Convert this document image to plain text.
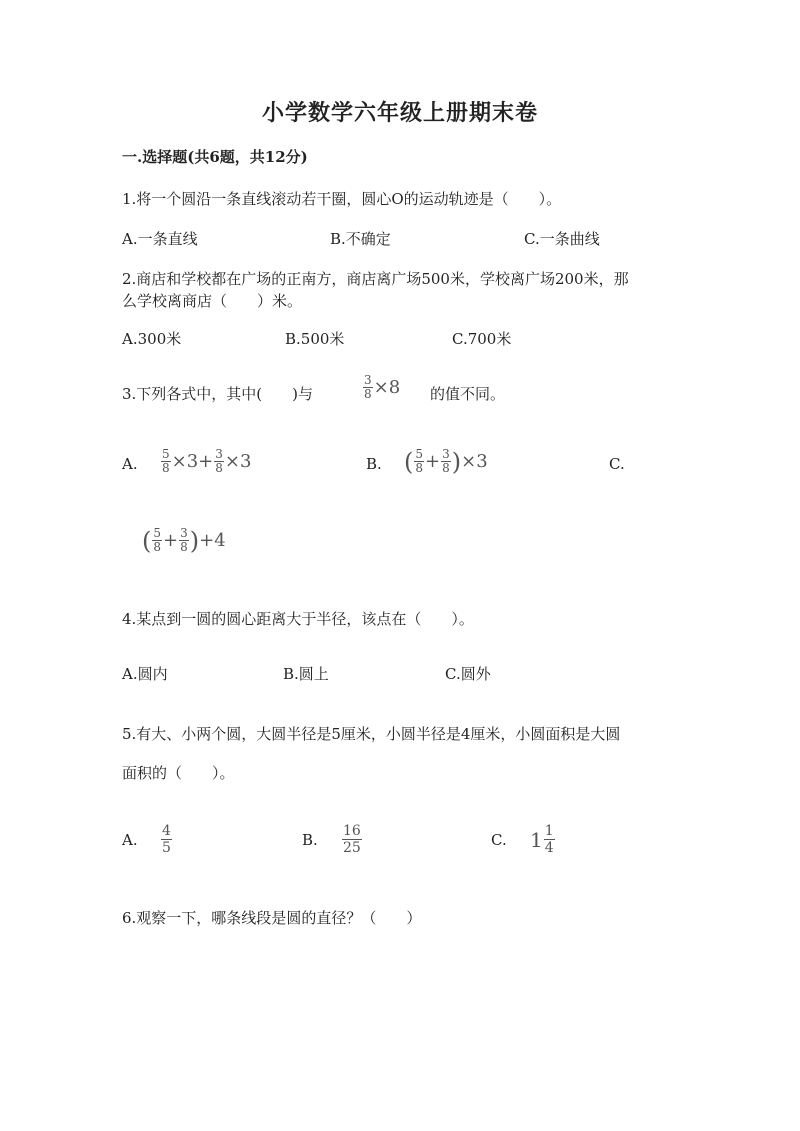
小学数学六年级上册期末卷
一.选择题(共6题，共12分)
1.将一个圆沿一条直线滚动若干圈，圆心O的运动轨迹是（　　）。
A.一条直线	B.不确定	C.一条曲线
2.商店和学校都在广场的正南方，商店离广场500米，学校离广场200米，那
么学校离商店（　　）米。
A.300米	B.500米	C.700米
3.下列各式中，其中(　　)与	$\frac{3}{8} \times 8$ 的值不同。
A. $\frac{5}{8} \times 3+ \frac{3}{8} \times 3$	B. ( $\frac{5}{8} + \frac{3}{8}$ ) ×3	C.
( $\frac{5}{8} + \frac{3}{8}$ ) +4
4.某点到一圆的圆心距离大于半径，该点在（　　）。
A.圆内	B.圆上	C.圆外
5.有大、小两个圆，大圆半径是5厘米，小圆半径是4厘米，小圆面积是大圆
面积的（　　）。
A. $\frac{4}{5}$	B. $\frac{16}{25}$	C. $1 \frac{1}{4}$
6.观察一下，哪条线段是圆的直径？（　　）
